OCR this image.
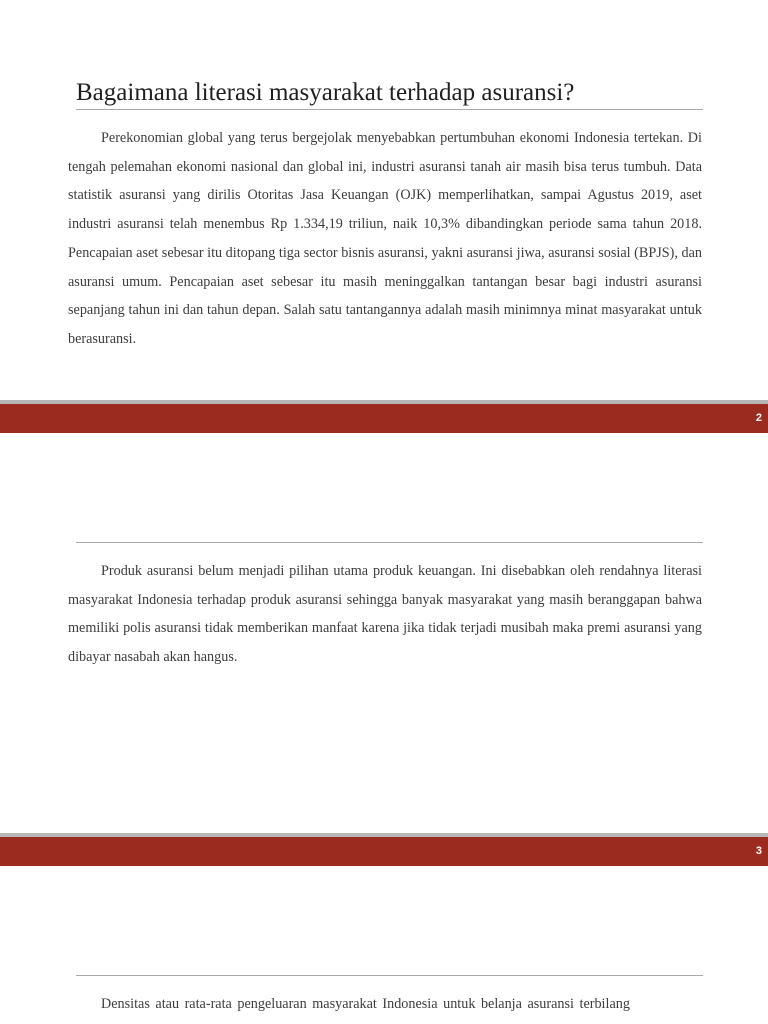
Bagaimana literasi masyarakat terhadap asuransi?

Perekonomian global yang terus bergejolak menyebabkan pertumbuhan ekonomi Indonesia tertekan. Di tengah pelemahan ekonomi nasional dan global ini, industri asuransi tanah air masih bisa terus tumbuh. Data statistik asuransi yang dirilis Otoritas Jasa Keuangan (OJK) memperlihatkan, sampai Agustus 2019, aset industri asuransi telah menembus Rp 1.334,19 triliun, naik 10,3% dibandingkan periode sama tahun 2018. Pencapaian aset sebesar itu ditopang tiga sector bisnis asuransi, yakni asuransi jiwa, asuransi sosial (BPJS), dan asuransi umum. Pencapaian aset sebesar itu masih meninggalkan tantangan besar bagi industri asuransi sepanjang tahun ini dan tahun depan. Salah satu tantangannya adalah masih minimnya minat masyarakat untuk berasuransi.

2

Produk asuransi belum menjadi pilihan utama produk keuangan. Ini disebabkan oleh rendahnya literasi masyarakat Indonesia terhadap produk asuransi sehingga banyak masyarakat yang masih beranggapan bahwa memiliki polis asuransi tidak memberikan manfaat karena jika tidak terjadi musibah maka premi asuransi yang dibayar nasabah akan hangus.

3

Densitas atau rata-rata pengeluaran masyarakat Indonesia untuk belanja asuransi terbilang
